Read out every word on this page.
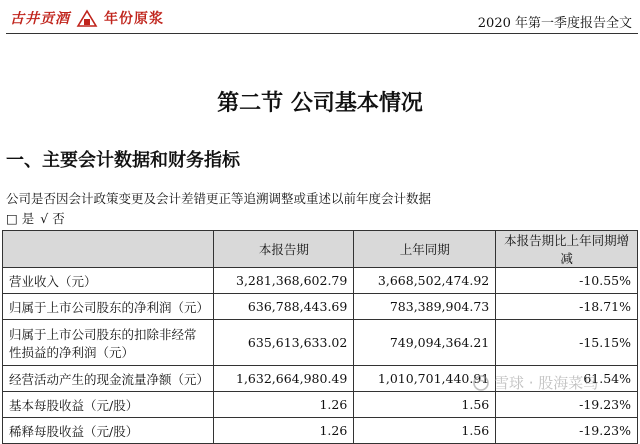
古井贡酒 年份原浆	2020 年第一季度报告全文
第二节 公司基本情况
一、主要会计数据和财务指标
公司是否因会计政策变更及会计差错更正等追溯调整或重述以前年度会计数据
□ 是 √ 否
	本报告期	上年同期	本报告期比上年同期增减
营业收入（元）	3,281,368,602.79	3,668,502,474.92	-10.55%
归属于上市公司股东的净利润（元）	636,788,443.69	783,389,904.73	-18.71%
归属于上市公司股东的扣除非经常性损益的净利润（元）	635,613,633.02	749,094,364.21	-15.15%
经营活动产生的现金流量净额（元）	1,632,664,980.49	1,010,701,440.91	61.54%
基本每股收益（元/股）	1.26	1.56	-19.23%
稀释每股收益（元/股）	1.26	1.56	-19.23%
雪球 · 股海菜鸟
